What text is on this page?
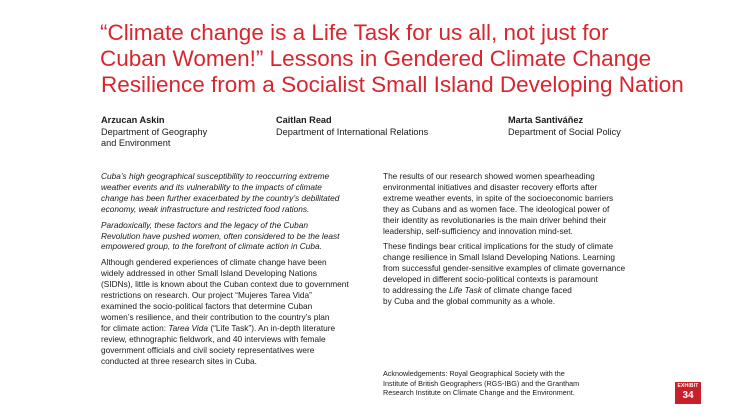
“Climate change is a Life Task for us all, not just for
Cuban Women!” Lessons in Gendered Climate Change
Resilience from a Socialist Small Island Developing Nation
Arzucan Askin
Department of Geography
and Environment
Caitlan Read
Department of International Relations
Marta Santiváñez
Department of Social Policy

Cuba’s high geographical susceptibility to reoccurring extreme
weather events and its vulnerability to the impacts of climate
change has been further exacerbated by the country’s debilitated
economy, weak infrastructure and restricted food rations.

Paradoxically, these factors and the legacy of the Cuban
Revolution have pushed women, often considered to be the least
empowered group, to the forefront of climate action in Cuba.

Although gendered experiences of climate change have been
widely addressed in other Small Island Developing Nations
(SIDNs), little is known about the Cuban context due to government
restrictions on research. Our project “Mujeres Tarea Vida”
examined the socio-political factors that determine Cuban
women’s resilience, and their contribution to the country’s plan
for climate action: Tarea Vida (“Life Task”). An in-depth literature
review, ethnographic fieldwork, and 40 interviews with female
government officials and civil society representatives were
conducted at three research sites in Cuba.

The results of our research showed women spearheading
environmental initiatives and disaster recovery efforts after
extreme weather events, in spite of the socioeconomic barriers
they as Cubans and as women face. The ideological power of
their identity as revolutionaries is the main driver behind their
leadership, self-sufficiency and innovation mind-set.

These findings bear critical implications for the study of climate
change resilience in Small Island Developing Nations. Learning
from successful gender-sensitive examples of climate governance
developed in different socio-political contexts is paramount
to addressing the Life Task of climate change faced
by Cuba and the global community as a whole.

Acknowledgements: Royal Geographical Society with the
Institute of British Geographers (RGS-IBG) and the Grantham
Research Institute on Climate Change and the Environment.
EXHIBIT
34
